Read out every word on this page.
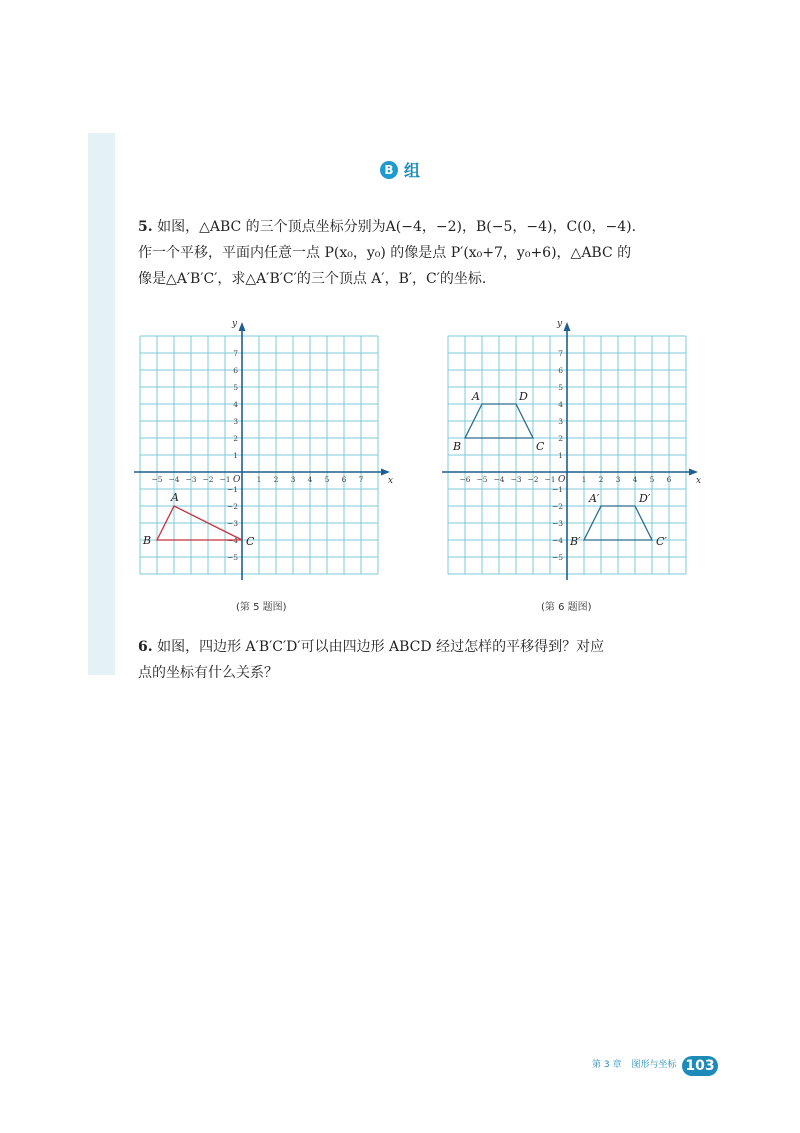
B 组
5. 如图，△ABC 的三个顶点坐标分别为A(−4，−2)，B(−5，−4)，C(0，−4).
作一个平移，平面内任意一点 P(x₀，y₀) 的像是点 P′(x₀+7，y₀+6)，△ABC 的
像是△A′B′C′，求△A′B′C′的三个顶点 A′，B′，C′的坐标.
x
y
O
−5 −4 −3 −2 −1	1 2 3 4 5 6 7
7
6
5
4
3
2
1
−1
−2
−3
−4
−5
A
B	C
x
y
O
−6 −5 −4 −3 −2 −1	1 2 3 4 5 6
7
6
5
4
3
2
1
−1
−2
−3
−4
−5
A	D
C
B
A′	D′
C′
B′
(第 5 题图)	(第 6 题图)
6. 如图，四边形 A′B′C′D′可以由四边形 ABCD 经过怎样的平移得到？对应
点的坐标有什么关系？
第 3 章 图形与坐标 103
